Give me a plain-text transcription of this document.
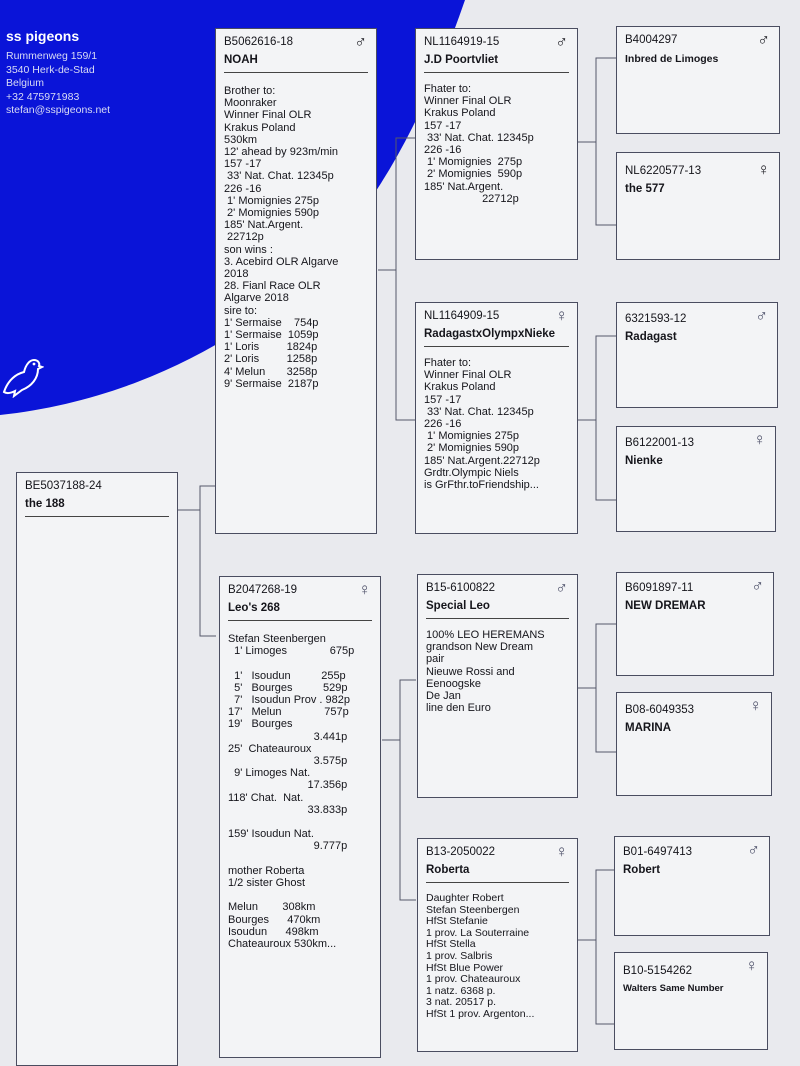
ss pigeons
Rummenweg 159/1
3540 Herk-de-Stad
Belgium
+32 475971983
stefan@sspigeons.net
BE5037188-24
the 188
B5062616-18	♂
NOAH
Brother to:
Moonraker
Winner Final OLR
Krakus Poland
530km
12' ahead by 923m/min
157 -17
33' Nat. Chat. 12345p
226 -16
1' Momignies 275p
2' Momignies 590p
185' Nat.Argent.
22712p
son wins :
3. Acebird OLR Algarve
2018
28. Fianl Race OLR
Algarve 2018
sire to:
1' Sermaise    754p
1' Sermaise  1059p
1' Loris         1824p
2' Loris         1258p
4' Melun       3258p
9' Sermaise  2187p
B2047268-19	♀
Leo's 268
Stefan Steenbergen
1' Limoges              675p

1'   Isoudun          255p
5'   Bourges          529p
7'   Isoudun Prov . 982p
17'   Melun              757p
19'   Bourges
3.441p
25'  Chateauroux
3.575p
9' Limoges Nat.
17.356p
118' Chat.  Nat.
33.833p

159' Isoudun Nat.
9.777p

mother Roberta
1/2 sister Ghost

Melun        308km
Bourges      470km
Isoudun      498km
Chateauroux 530km...
NL1164919-15	♂
J.D Poortvliet
Fhater to:
Winner Final OLR
Krakus Poland
157 -17
33' Nat. Chat. 12345p
226 -16
1' Momignies  275p
2' Momignies  590p
185' Nat.Argent.
22712p
NL1164909-15	♀
RadagastxOlympxNieke
Fhater to:
Winner Final OLR
Krakus Poland
157 -17
33' Nat. Chat. 12345p
226 -16
1' Momignies 275p
2' Momignies 590p
185' Nat.Argent.22712p
Grdtr.Olympic Niels
is GrFthr.toFriendship...
B15-6100822	♂
Special Leo
100% LEO HEREMANS
grandson New Dream
pair
Nieuwe Rossi and
Eenoogske
De Jan
line den Euro
B13-2050022	♀
Roberta
Daughter Robert
Stefan Steenbergen
HfSt Stefanie
1 prov. La Souterraine
HfSt Stella
1 prov. Salbris
HfSt Blue Power
1 prov. Chateauroux
1 natz. 6368 p.
3 nat. 20517 p.
HfSt 1 prov. Argenton...
B4004297	♂
Inbred de Limoges
NL6220577-13	♀
the 577
6321593-12	♂
Radagast
B6122001-13	♀
Nienke
B6091897-11	♂
NEW DREMAR
B08-6049353	♀
MARINA
B01-6497413	♂
Robert
B10-5154262	♀
Walters Same Number
